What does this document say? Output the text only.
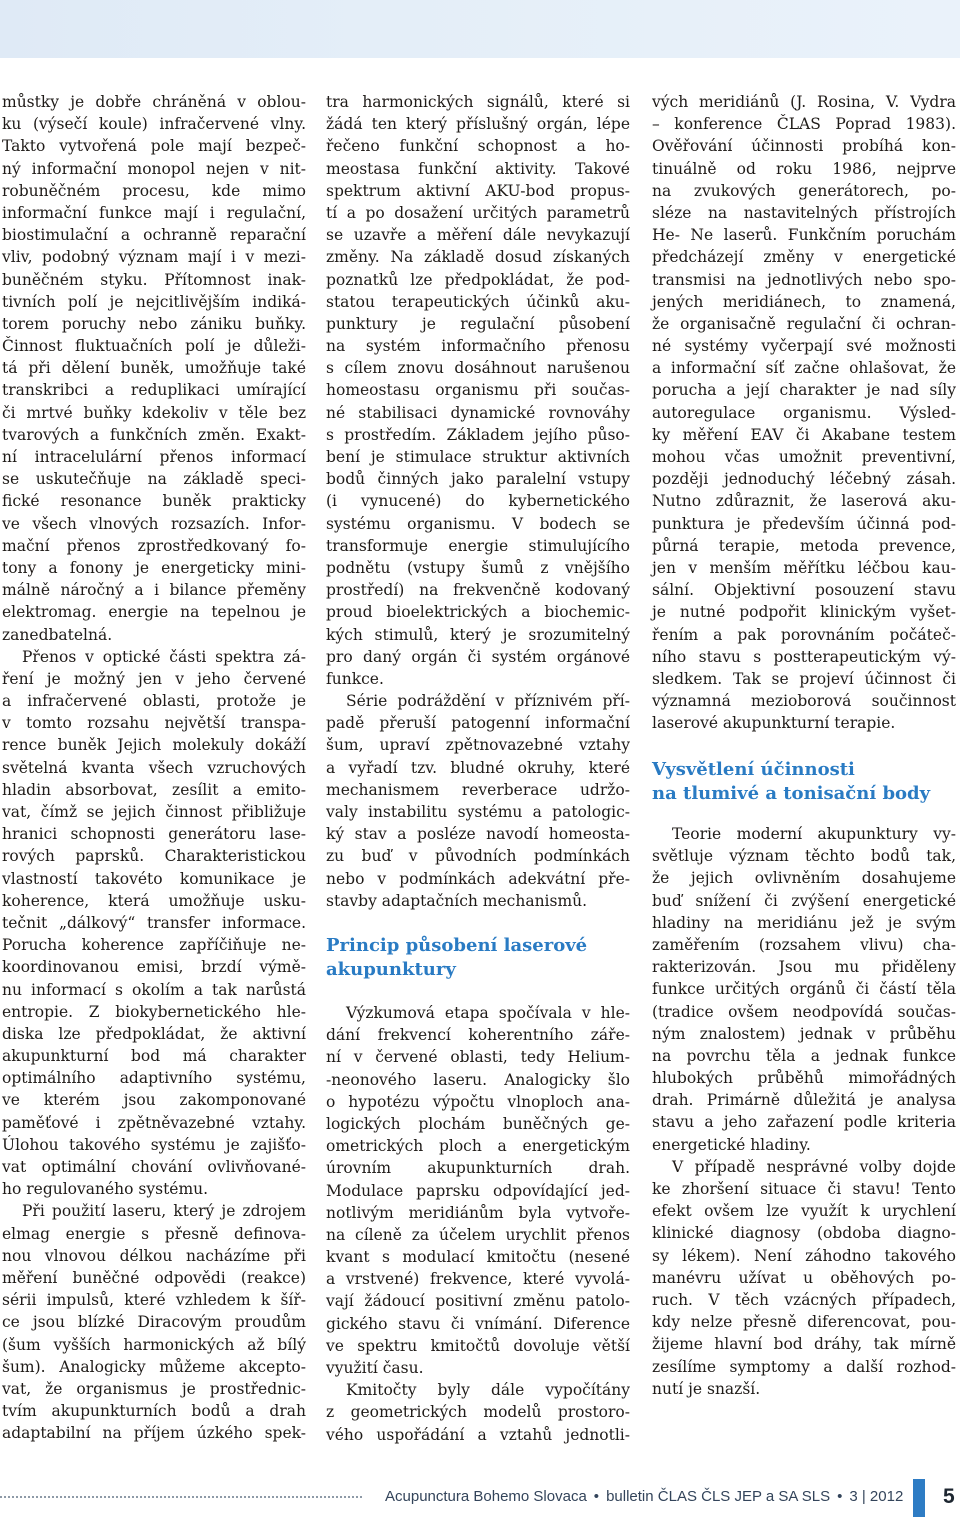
můstky je dobře chráněná v oblou-
ku (výsečí koule) infračervené vlny.
Takto vytvořená pole mají bezpeč-
ný informační monopol nejen v nit-
robuněčném procesu, kde mimo
informační funkce mají i regulační,
biostimulační a ochranně reparační
vliv, podobný význam mají i v mezi-
buněčném styku. Přítomnost inak-
tivních polí je nejcitlivějším indiká-
torem poruchy nebo zániku buňky.
Činnost fluktuačních polí je důleži-
tá při dělení buněk, umožňuje také
transkribci a reduplikaci umírající
či mrtvé buňky kdekoliv v těle bez
tvarových a funkčních změn. Exakt-
ní intracelulární přenos informací
se uskutečňuje na základě speci-
fické resonance buněk prakticky
ve všech vlnových rozsazích. Infor-
mační přenos zprostředkovaný fo-
tony a fonony je energeticky mini-
málně náročný a i bilance přeměny
elektromag. energie na tepelnou je
zanedbatelná.
Přenos v optické části spektra zá-
ření je možný jen v jeho červené
a infračervené oblasti, protože je
v tomto rozsahu největší transpa-
rence buněk Jejich molekuly dokáží
světelná kvanta všech vzruchových
hladin absorbovat, zesílit a emito-
vat, čímž se jejich činnost přibližuje
hranici schopnosti generátoru lase-
rových paprsků. Charakteristickou
vlastností takovéto komunikace je
koherence, která umožňuje usku-
tečnit „dálkový“ transfer informace.
Porucha koherence zapříčiňuje ne-
koordinovanou emisi, brzdí výmě-
nu informací s okolím a tak narůstá
entropie. Z biokybernetického hle-
diska lze předpokládat, že aktivní
akupunkturní bod má charakter
optimálního adaptivního systému,
ve kterém jsou zakomponované
paměťové i zpětněvazebné vztahy.
Úlohou takového systému je zajišťo-
vat optimální chování ovlivňované-
ho regulovaného systému.
Při použití laseru, který je zdrojem
elmag energie s přesně definova-
nou vlnovou délkou nacházíme při
měření buněčné odpovědi (reakce)
sérii impulsů, které vzhledem k šíř-
ce jsou blízké Diracovým proudům
(šum vyšších harmonických až bílý
šum). Analogicky můžeme akcepto-
vat, že organismus je prostřednic-
tvím akupunkturních bodů a drah
adaptabilní na příjem úzkého spek-
tra harmonických signálů, které si
žádá ten který příslušný orgán, lépe
řečeno funkční schopnost a ho-
meostasa funkční aktivity. Takové
spektrum aktivní AKU-bod propus-
tí a po dosažení určitých parametrů
se uzavře a měření dále nevykazují
změny. Na základě dosud získaných
poznatků lze předpokládat, že pod-
statou terapeutických účinků aku-
punktury je regulační působení
na systém informačního přenosu
s cílem znovu dosáhnout narušenou
homeostasu organismu při součas-
né stabilisaci dynamické rovnováhy
s prostředím. Základem jejího půso-
bení je stimulace struktur aktivních
bodů činných jako paralelní vstupy
(i vynucené) do kybernetického
systému organismu. V bodech se
transformuje energie stimulujícího
podnětu (vstupy šumů z vnějšího
prostředí) na frekvenčně kodovaný
proud bioelektrických a biochemic-
kých stimulů, který je srozumitelný
pro daný orgán či systém orgánové
funkce.
Série podráždění v příznivém pří-
padě přeruší patogenní informační
šum, upraví zpětnovazebné vztahy
a vyřadí tzv. bludné okruhy, které
mechanismem reverberace udržo-
valy instabilitu systému a patologic-
ký stav a posléze navodí homeosta-
zu buď v původních podmínkách
nebo v podmínkách adekvátní pře-
stavby adaptačních mechanismů.
Princip působení laserové
akupunktury
Výzkumová etapa spočívala v hle-
dání frekvencí koherentního záře-
ní v červené oblasti, tedy Helium-
-neonového laseru. Analogicky šlo
o hypotézu výpočtu vlnoploch ana-
logických plochám buněčných ge-
ometrických ploch a energetickým
úrovním akupunkturních drah.
Modulace paprsku odpovídající jed-
notlivým meridiánům byla vytvoře-
na cíleně za účelem urychlit přenos
kvant s modulací kmitočtu (nesené
a vrstvené) frekvence, které vyvolá-
vají žádoucí positivní změnu patolo-
gického stavu či vnímání. Diference
ve spektru kmitočtů dovoluje větší
využití času.
Kmitočty byly dále vypočítány
z geometrických modelů prostoro-
vého uspořádání a vztahů jednotli-
vých meridiánů (J. Rosina, V. Vydra
– konference ČLAS Poprad 1983).
Ověřování účinnosti probíhá kon-
tinuálně od roku 1986, nejprve
na zvukových generátorech, po-
sléze na nastavitelných přístrojích
He- Ne laserů. Funkčním poruchám
předcházejí změny v energetické
transmisi na jednotlivých nebo spo-
jených meridiánech, to znamená,
že organisačně regulační či ochran-
né systémy vyčerpají své možnosti
a informační síť začne ohlašovat, že
porucha a její charakter je nad síly
autoregulace organismu. Výsled-
ky měření EAV či Akabane testem
mohou včas umožnit preventivní,
později jednoduchý léčebný zásah.
Nutno zdůraznit, že laserová aku-
punktura je především účinná pod-
půrná terapie, metoda prevence,
jen v menším měřítku léčbou kau-
sální. Objektivní posouzení stavu
je nutné podpořit klinickým vyšet-
řením a pak porovnáním počáteč-
ního stavu s postterapeutickým vý-
sledkem. Tak se projeví účinnost či
významná mezioborová součinnost
laserové akupunkturní terapie.
Vysvětlení účinnosti
na tlumivé a tonisační body
Teorie moderní akupunktury vy-
světluje význam těchto bodů tak,
že jejich ovlivněním dosahujeme
buď snížení či zvýšení energetické
hladiny na meridiánu jež je svým
zaměřením (rozsahem vlivu) cha-
rakterizován. Jsou mu přiděleny
funkce určitých orgánů či částí těla
(tradice ovšem neodpovídá součas-
ným znalostem) jednak v průběhu
na povrchu těla a jednak funkce
hlubokých průběhů mimořádných
drah. Primárně důležitá je analysa
stavu a jeho zařazení podle kriteria
energetické hladiny.
V případě nesprávné volby dojde
ke zhoršení situace či stavu! Tento
efekt ovšem lze využít k urychlení
klinické diagnosy (obdoba diagno-
sy lékem). Není záhodno takového
manévru užívat u oběhových po-
ruch. V těch vzácných případech,
kdy nelze přesně diferencovat, pou-
žijeme hlavní bod dráhy, tak mírně
zesílíme symptomy a další rozhod-
nutí je snazší.
Acupunctura Bohemo Slovaca • bulletin ČLAS ČLS JEP a SA SLS • 3 | 2012 5
